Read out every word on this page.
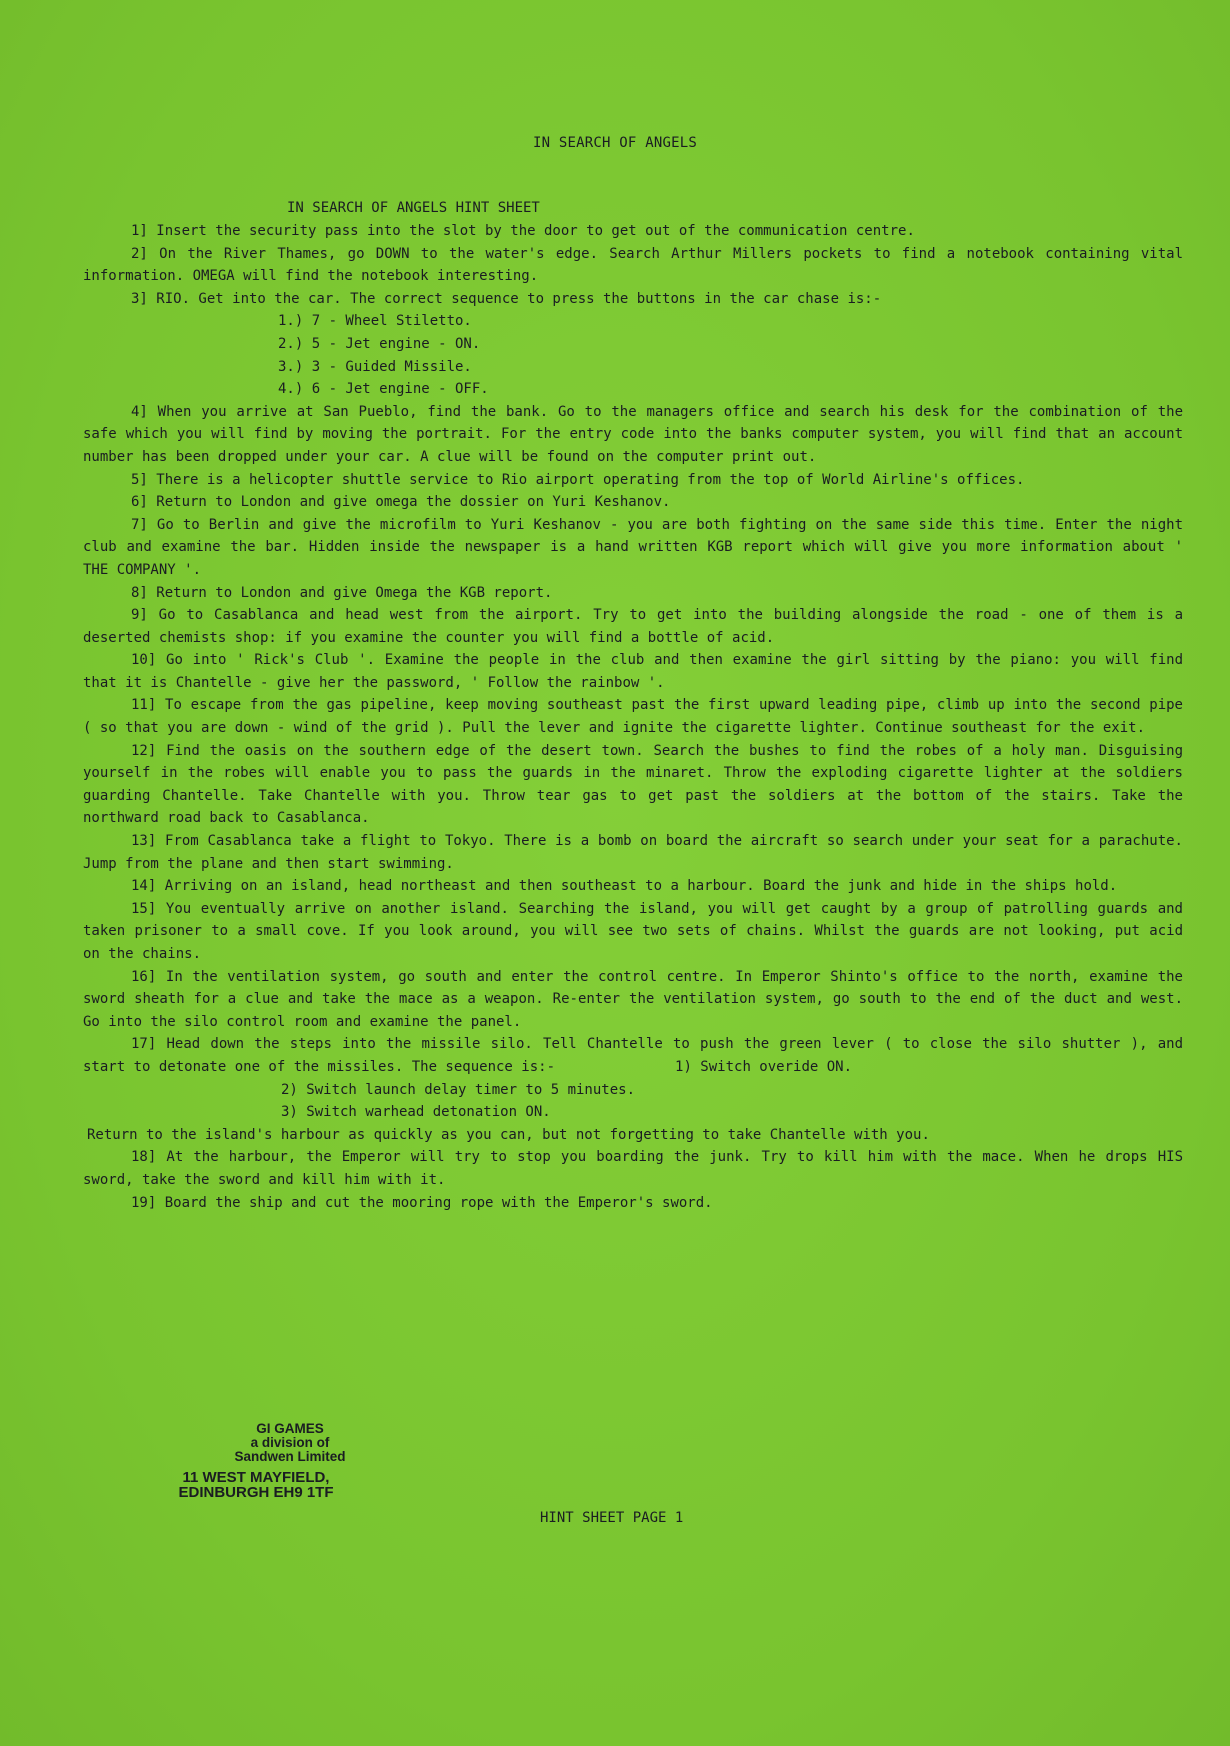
IN SEARCH OF ANGELS
IN SEARCH OF ANGELS HINT SHEET

1] Insert the security pass into the slot by the door to get out of the communication centre.

2] On the River Thames, go DOWN to the water's edge. Search Arthur Millers pockets to find a notebook containing vital information. OMEGA will find the notebook interesting.

3] RIO. Get into the car. The correct sequence to press the buttons in the car chase is:-

1.) 7 - Wheel Stiletto.

2.) 5 - Jet engine - ON.

3.) 3 - Guided Missile.

4.) 6 - Jet engine - OFF.

4] When you arrive at San Pueblo, find the bank. Go to the managers office and search his desk for the combination of the safe which you will find by moving the portrait. For the entry code into the banks computer system, you will find that an account number has been dropped under your car. A clue will be found on the computer print out.

5] There is a helicopter shuttle service to Rio airport operating from the top of World Airline's offices.

6] Return to London and give omega the dossier on Yuri Keshanov.

7] Go to Berlin and give the microfilm to Yuri Keshanov - you are both fighting on the same side this time. Enter the night club and examine the bar. Hidden inside the newspaper is a hand written KGB report which will give you more information about ' THE COMPANY '.

8] Return to London and give Omega the KGB report.

9] Go to Casablanca and head west from the airport. Try to get into the building alongside the road - one of them is a deserted chemists shop: if you examine the counter you will find a bottle of acid.

10] Go into ' Rick's Club '. Examine the people in the club and then examine the girl sitting by the piano: you will find that it is Chantelle - give her the password, ' Follow the rainbow '.

11] To escape from the gas pipeline, keep moving southeast past the first upward leading pipe, climb up into the second pipe ( so that you are down - wind of the grid ). Pull the lever and ignite the cigarette lighter. Continue southeast for the exit.

12] Find the oasis on the southern edge of the desert town. Search the bushes to find the robes of a holy man. Disguising yourself in the robes will enable you to pass the guards in the minaret. Throw the exploding cigarette lighter at the soldiers guarding Chantelle. Take Chantelle with you. Throw tear gas to get past the soldiers at the bottom of the stairs. Take the northward road back to Casablanca.

13] From Casablanca take a flight to Tokyo. There is a bomb on board the aircraft so search under your seat for a parachute. Jump from the plane and then start swimming.

14] Arriving on an island, head northeast and then southeast to a harbour. Board the junk and hide in the ships hold.

15] You eventually arrive on another island. Searching the island, you will get caught by a group of patrolling guards and taken prisoner to a small cove. If you look around, you will see two sets of chains. Whilst the guards are not looking, put acid on the chains.

16] In the ventilation system, go south and enter the control centre. In Emperor Shinto's office to the north, examine the sword sheath for a clue and take the mace as a weapon. Re-enter the ventilation system, go south to the end of the duct and west. Go into the silo control room and examine the panel.

17] Head down the steps into the missile silo. Tell Chantelle to push the green lever ( to close the silo shutter ), and start to detonate one of the missiles. The sequence is:-	1) Switch overide ON.

2) Switch launch delay timer to 5 minutes.

3) Switch warhead detonation ON.

Return to the island's harbour as quickly as you can, but not forgetting to take Chantelle with you.

18] At the harbour, the Emperor will try to stop you boarding the junk. Try to kill him with the mace. When he drops HIS sword, take the sword and kill him with it.

19] Board the ship and cut the mooring rope with the Emperor's sword.

GI GAMES
a division of
Sandwen Limited
11 WEST MAYFIELD,
EDINBURGH EH9 1TF
HINT SHEET PAGE 1
